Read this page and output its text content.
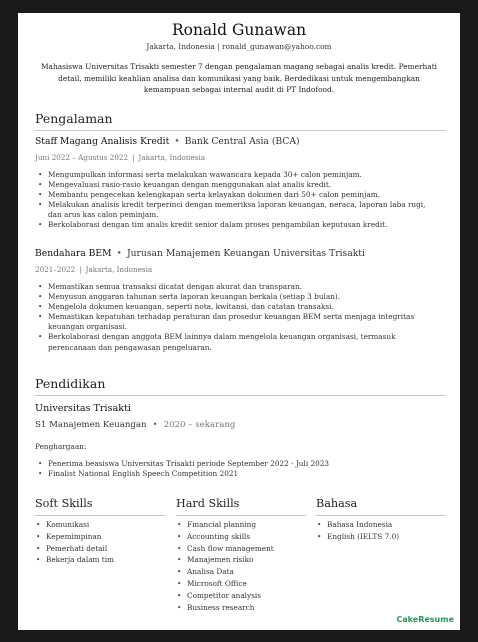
Ronald Gunawan
Jakarta, Indonesia | ronald_gunawan@yahoo.com
Mahasiswa Universitas Trisakti semester 7 dengan pengalaman magang sebagai analis kredit. Pemerhati detail, memiliki keahlian analisa dan komunikasi yang baik. Berdedikasi untuk mengembangkan kemampuan sebagai internal audit di PT Indofood.
Pengalaman
Staff Magang Analisis Kredit • Bank Central Asia (BCA)
Juni 2022 – Agustus 2022 | Jakarta, Indonesia
• Mengumpulkan informasi serta melakukan wawancara kepada 30+ calon peminjam.
• Mengevaluasi rasio-rasio keuangan dengan menggunakan alat analis kredit.
• Membantu pengecekan kelengkapan serta kelayakan dokumen dari 50+ calon peminjam.
• Melakukan analisis kredit terperinci dengan memeriksa laporan keuangan, neraca, laporan laba rugi, dan arus kas calon peminjam.
• Berkolaborasi dengan tim analis kredit senior dalam proses pengambilan keputusan kredit.
Bendahara BEM • Jurusan Manajemen Keuangan Universitas Trisakti
2021–2022 | Jakarta, Indonesia
• Memastikan semua transaksi dicatat dengan akurat dan transparan.
• Menyusun anggaran tahunan serta laporan keuangan berkala (setiap 3 bulan).
• Mengelola dokumen keuangan, seperti nota, kwitansi, dan catatan transaksi.
• Memastikan kepatuhan terhadap peraturan dan prosedur keuangan BEM serta menjaga integritas keuangan organisasi.
• Berkolaborasi dengan anggota BEM lainnya dalam mengelola keuangan organisasi, termasuk perencanaan dan pengawasan pengeluaran.
Pendidikan
Universitas Trisakti
S1 Manajemen Keuangan • 2020 – sekarang
Penghargaan:
• Penerima beasiswa Universitas Trisakti periode September 2022 - Juli 2023
• Finalist National English Speech Competition 2021
Soft Skills
• Komunikasi
• Kepemimpinan
• Pemerhati detail
• Bekerja dalam tim
Hard Skills
• Financial planning
• Accounting skills
• Cash flow management
• Manajemen risiko
• Analisa Data
• Microsoft Office
• Competitor analysis
• Business research
Bahasa
• Bahasa Indonesia
• English (IELTS 7.0)
CakeResume
